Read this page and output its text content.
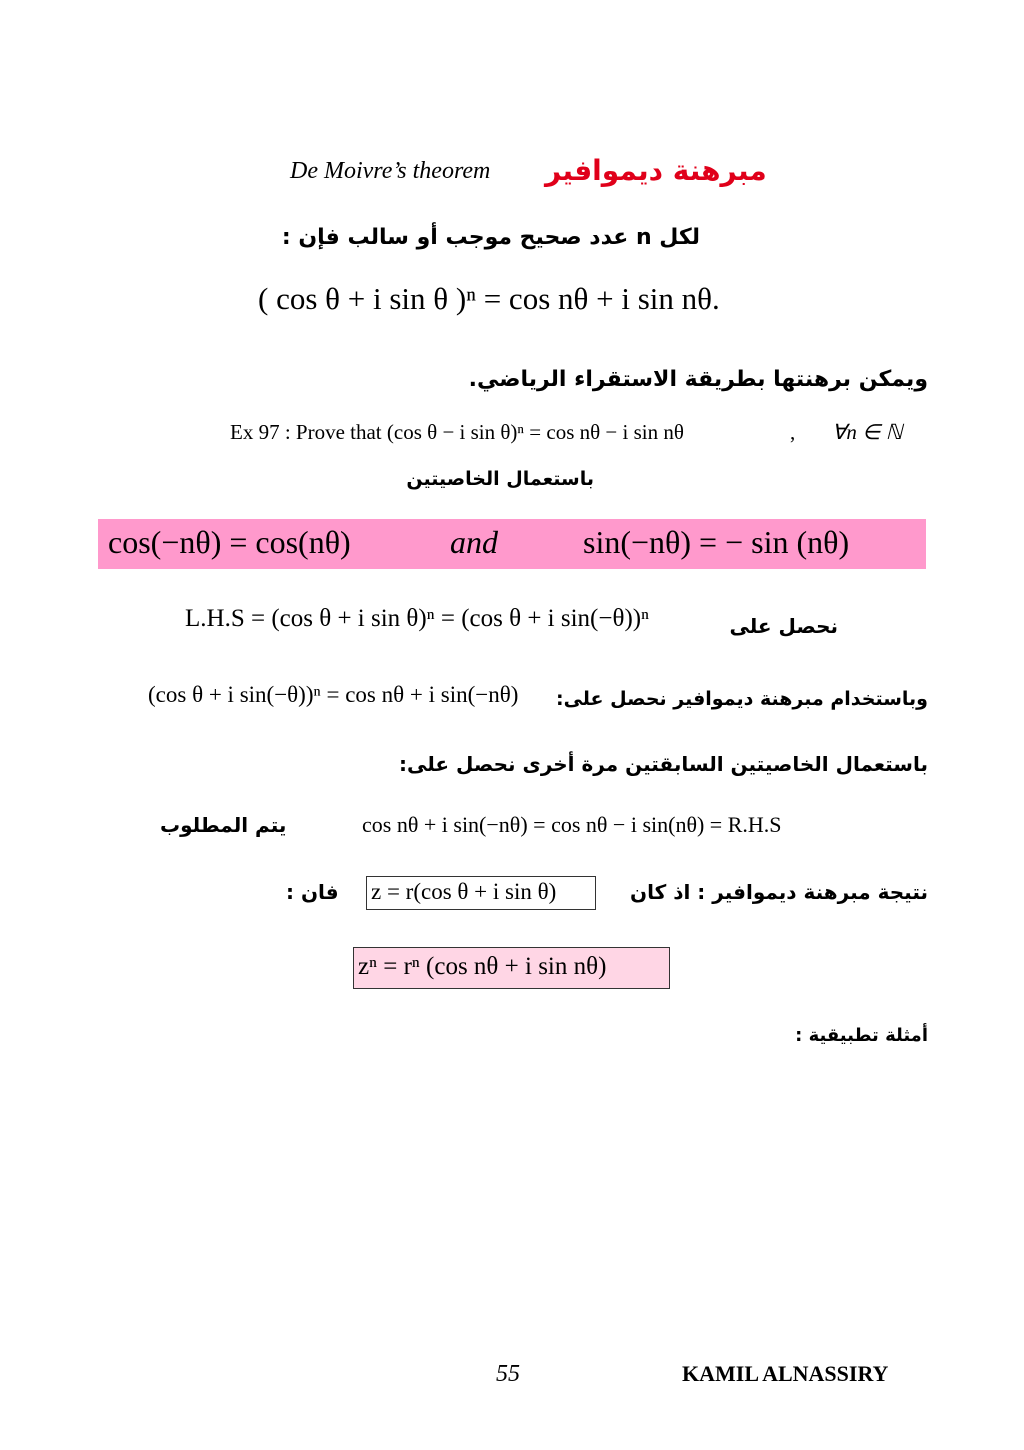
De Moivre’s theorem مبرهنة ديموافير
لكل n عدد صحيح موجب أو سالب فإن :
( cos θ + i sin θ )ⁿ = cos nθ + i sin nθ.
ويمكن برهنتها بطريقة الاستقراء الرياضي.
Ex 97 : Prove that (cos θ − i sin θ)ⁿ = cos nθ − i sin nθ	, ∀n ∈ ℕ
باستعمال الخاصيتين
cos(−nθ) = cos(nθ)	and	sin(−nθ) = − sin (nθ)
L.H.S = (cos θ + i sin θ)ⁿ = (cos θ + i sin(−θ))ⁿ	نحصل على
(cos θ + i sin(−θ))ⁿ = cos nθ + i sin(−nθ) وباستخدام مبرهنة ديموافير نحصل على:
باستعمال الخاصيتين السابقتين مرة أخرى نحصل على:
يتم المطلوب	cos nθ + i sin(−nθ) = cos nθ − i sin(nθ) = R.H.S
فان : z = r(cos θ + i sin θ)	نتيجة مبرهنة ديموافير : اذ كان
zⁿ = rⁿ (cos nθ + i sin nθ)
أمثلة تطبيقية :
55	KAMIL ALNASSIRY
